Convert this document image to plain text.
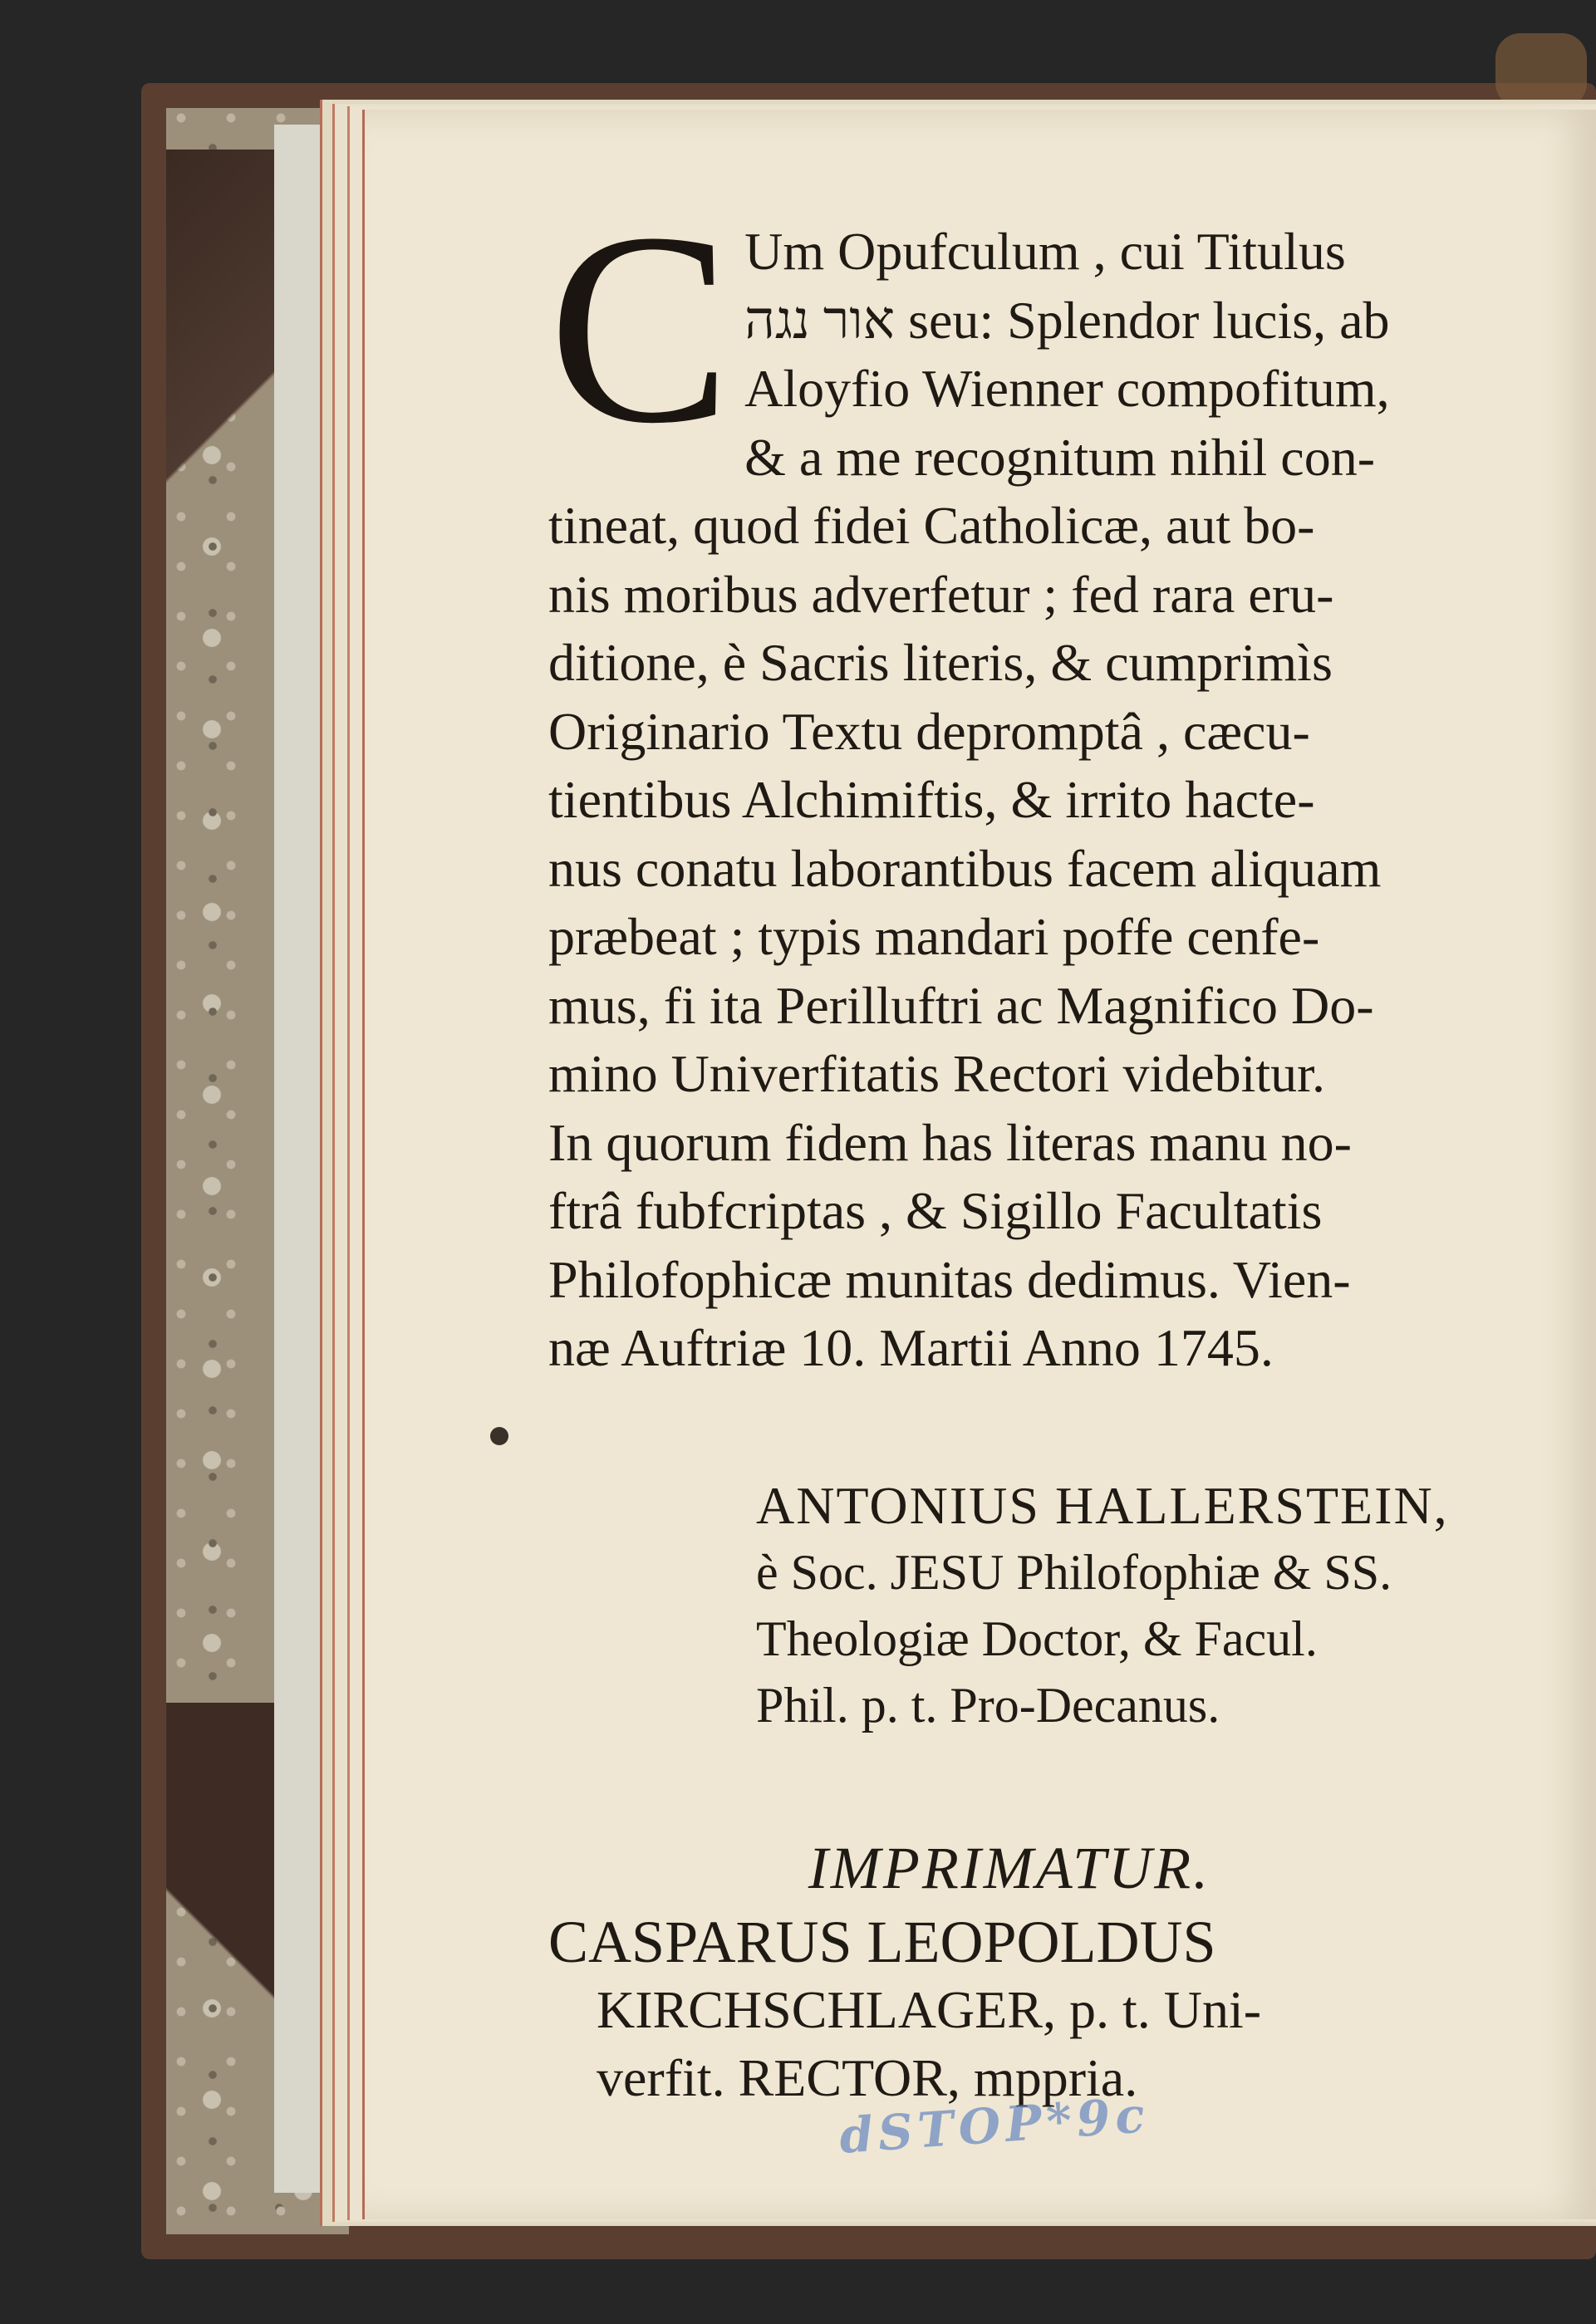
C Um Opufculum , cui Titulus
אור נגה seu: Splendor lucis, ab
Aloyfio Wienner compofitum,
& a me recognitum nihil con-
tineat, quod fidei Catholicæ, aut bo-
nis moribus adverfetur ; fed rara eru-
ditione, è Sacris literis, & cumprimìs
Originario Textu depromptâ , cæcu-
tientibus Alchimiftis, & irrito hacte-
nus conatu laborantibus facem aliquam
præbeat ; typis mandari poffe cenfe-
mus, fi ita Perilluftri ac Magnifico Do-
mino Univerfitatis Rectori videbitur.
In quorum fidem has literas manu no-
ftrâ fubfcriptas , & Sigillo Facultatis
Philofophicæ munitas dedimus. Vien-
næ Auftriæ 10. Martii Anno 1745.
ANTONIUS HALLERSTEIN,
è Soc. JESU Philofophiæ & SS.
Theologiæ Doctor, & Facul.
Phil. p. t. Pro-Decanus.
IMPRIMATUR.
CASPARUS LEOPOLDUS
KIRCHSCHLAGER, p. t. Uni-
verfit. RECTOR, mppria.
dSTOP*9c
